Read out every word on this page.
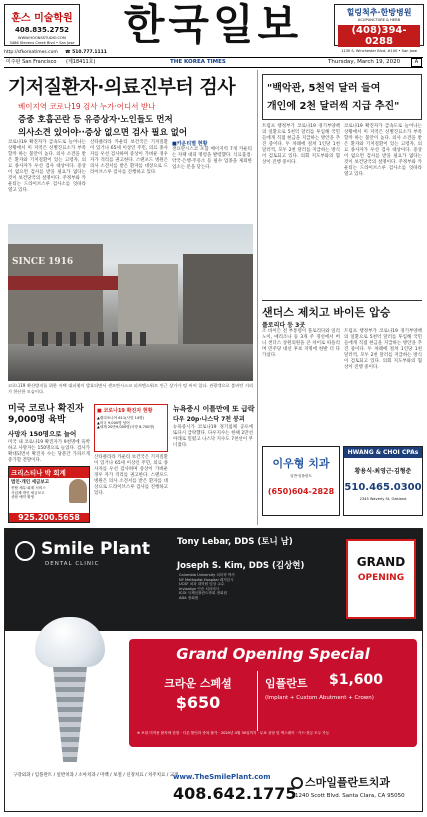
훈스 미술학원
408.835.2752
WWW.HOONSSTUDIO.COM
3486 Stevens Creek Blvd • San Jose	한국일보	힐링척추·한방병원
ACUPUNCTURE & HERB
(408)394-0288
1130 S. Winchester Blvd, #100 • San Jose
http://sfkoreatimes.com ☎ 510.777.1111
미주판 San Francisco (제18411호)	THE KOREA TIMES	Thursday, March 19, 2020	A
기저질환자·의료진부터 검사
베이지역 코로나19 검사 누가·어디서 받나
증중 호흡곤란 등 유증상자·노인들도 먼저
의사소견 있어야··증상 없으면 검사 필요 없어
코로나19 확진자가 급속도로 늘어나는 상황에서 미 지역은 선별진료소가 부족할까 하는 불안이 높다. 의사 소견을 받은 환자와 기저질환이 있는 고령자, 의료 종사자가 우선 검사 대상이다. 증상이 없으면 검사를 받을 필요가 없다는 것이 보건당국의 설명이다. 주정부와 카운티는 드라이브스루 검사소를 잇따라 열고 있다.
산타클라라 카운티 보건국은 기저질환이 있거나 65세 이상인 주민, 의료 종사자를 우선 검사하며 증상이 가벼운 경우 자가 격리를 권고한다. 스탠포드 병원은 의사 소견서를 받은 환자를 대상으로 드라이브스루 검사를 진행하고 있다.
■카운티별 현황
샌프란시스코 포함 베이지역 7개 카운티는 자택 대피 명령을 발령했다. 식료품점·약국·은행·주유소 등 필수 업종을 제외한 업소는 문을 닫는다.
SINCE 1916
코로나19 확산방지를 위한 자택 대피령이 발효되면서 샌프란시스코 피셔맨스워프 인근 상가가 텅 비어 있다. 관광객으로 붐비던 거리가 한산한 모습이다.
미국 코로나 확진자 9,000명 육박
사망자 150명으로 늘어
미국 내 코로나19 확진자가 9천명에 육박하고 사망자는 150명으로 늘었다. 검사가 확대되면서 확진자 수는 당분간 가파르게 증가할 전망이다.
■ 코로나19 확진자 현황
▲캘리포니아 611(사망 14명)
▲미국 9,000명 넘어
▲세계 20만9,000명(사망 8,700명)
산타클라라 카운티 보건국은 기저질환이 있거나 65세 이상인 주민, 의료 종사자를 우선 검사하며 증상이 가벼운 경우 자가 격리를 권고한다. 스탠포드 병원은 의사 소견서를 받은 환자를 대상으로 드라이브스루 검사를 진행하고 있다.
뉴욕증시 이틀만에 또 급락
다우 20p·나스닥 7천 붕괴
뉴욕증시가 코로나19 경기침체 공포에 또다시 급락했다. 다우지수는 한때 2만선 아래로 밀렸고 나스닥 지수도 7천선이 무너졌다.
크리스티나 박 회계
법인·개인 세금보고
종합 세무·회계 서비스
사업체·개인 세금보고
상담 예약 환영
925.200.5658
"백악관, 5천억 달러 들여
개인에 2천 달러씩 지급 추진"
트럼프 행정부가 코로나19 경기부양책의 일환으로 5천억 달러를 투입해 국민들에게 직접 현금을 지급하는 방안을 추진 중이다. 두 차례에 걸쳐 1인당 1천 달러씩, 모두 2천 달러를 지급하는 방식이 검토되고 있다. 의회 지도부와의 협상이 진행 중이다.
코로나19 확진자가 급속도로 늘어나는 상황에서 미 지역은 선별진료소가 부족할까 하는 불안이 높다. 의사 소견을 받은 환자와 기저질환이 있는 고령자, 의료 종사자가 우선 검사 대상이다. 증상이 없으면 검사를 받을 필요가 없다는 것이 보건당국의 설명이다. 주정부와 카운티는 드라이브스루 검사소를 잇따라 열고 있다.
샌더스 제치고 바이든 압승
플로리다 등 3곳
조 바이든 전 부통령이 플로리다와 일리노이, 애리조나 등 3개 주 경선에서 버니 샌더스 상원의원을 큰 차이로 따돌리며 민주당 대선 후보 지명에 한발 더 다가섰다.
트럼프 행정부가 코로나19 경기부양책의 일환으로 5천억 달러를 투입해 국민들에게 직접 현금을 지급하는 방안을 추진 중이다. 두 차례에 걸쳐 1인당 1천 달러씩, 모두 2천 달러를 지급하는 방식이 검토되고 있다. 의회 지도부와의 협상이 진행 중이다.
이우형 치과
일반·임플란트
(650)604-2828
HWANG & CHOI CPAs
황용식·최영근·김형준
510.465.0300
2345 Waverly St, Oakland
Smile Plant
DENTAL CLINIC
Tony Lebar, DDS (토니 남)
Joseph S. Kim, DDS (김상현)
Columbia University 치의학 박사
NY Methodist Hospital 레지던시
UCSF 치과 대학원 임상 교수
Invisalign 인증 치과의사
ICOI 국제임플란트학회 정회원
ADA 정회원
GRAND
OPENING
Grand Opening Special
크라운 스페셜
$650
임플란트 $1,600
(Implant + Custom Abutment + Crown)
※ 보험 미적용 환자에 한함 · 다른 할인과 중복 불가 · 2020년 4월 30일까지 · 무료 상담 및 엑스레이 · 카드·현금 모두 가능
구강외과 / 임플란트 / 일반치과 / 소아치과 / 미백 / 보철 / 신경치료 / 치주치료 / 교정
www.TheSmilePlant.com
408.642.1775
스마일플란트치과
1240 Scott Blvd. Santa Clara, CA 95050
